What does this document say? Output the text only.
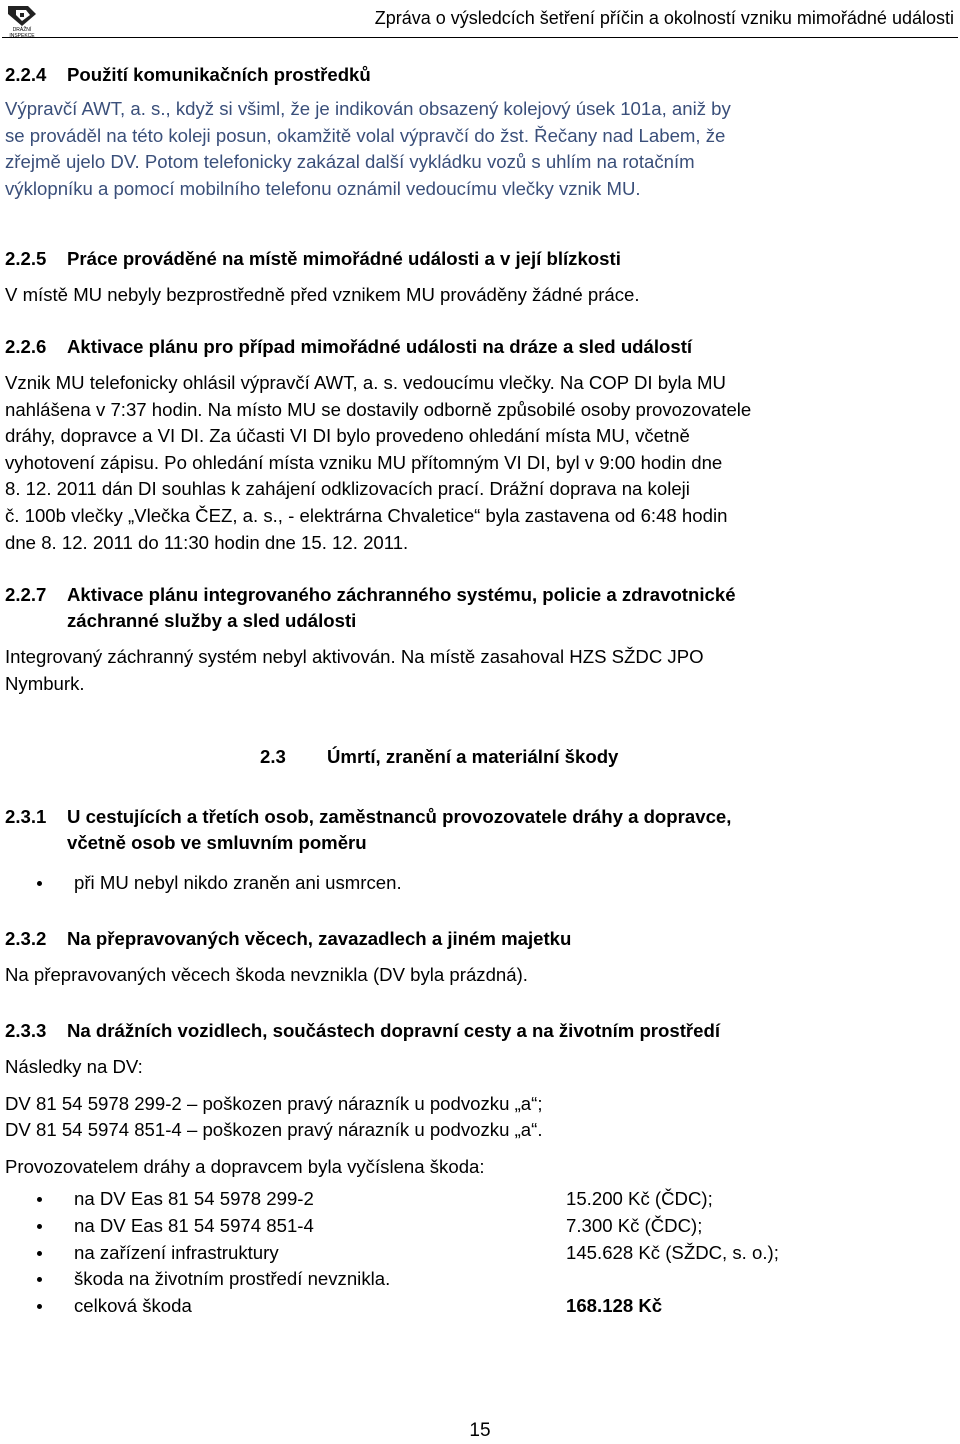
DRÁŽNÍ
INSPEKCE
Zpráva o výsledcích šetření příčin a okolností vzniku mimořádné události
2.2.4 Použití komunikačních prostředků
Výpravčí AWT, a. s., když si všiml, že je indikován obsazený kolejový úsek 101a, aniž by
se prováděl na této koleji posun, okamžitě volal výpravčí do žst. Řečany nad Labem, že
zřejmě ujelo DV. Potom telefonicky zakázal další vykládku vozů s uhlím na rotačním
výklopníku a pomocí mobilního telefonu oznámil vedoucímu vlečky vznik MU.
2.2.5 Práce prováděné na místě mimořádné události a v její blízkosti
V místě MU nebyly bezprostředně před vznikem MU prováděny žádné práce.
2.2.6 Aktivace plánu pro případ mimořádné události na dráze a sled událostí
Vznik MU telefonicky ohlásil výpravčí AWT, a. s. vedoucímu vlečky. Na COP DI byla MU
nahlášena v 7:37 hodin. Na místo MU se dostavily odborně způsobilé osoby provozovatele
dráhy, dopravce a VI DI. Za účasti VI DI bylo provedeno ohledání místa MU, včetně
vyhotovení zápisu. Po ohledání místa vzniku MU přítomným VI DI, byl v 9:00 hodin dne
8. 12. 2011 dán DI souhlas k zahájení odklizovacích prací. Drážní doprava na koleji
č. 100b vlečky „Vlečka ČEZ, a. s., - elektrárna Chvaletice“ byla zastavena od 6:48 hodin
dne 8. 12. 2011 do 11:30 hodin dne 15. 12. 2011.
2.2.7	Aktivace plánu integrovaného záchranného systému, policie a zdravotnické
záchranné služby a sled události
Integrovaný záchranný systém nebyl aktivován. Na místě zasahoval HZS SŽDC JPO
Nymburk.
2.3 Úmrtí, zranění a materiální škody
2.3.1	U cestujících a třetích osob, zaměstnanců provozovatele dráhy a dopravce,
včetně osob ve smluvním poměru
při MU nebyl nikdo zraněn ani usmrcen.
2.3.2 Na přepravovaných věcech, zavazadlech a jiném majetku
Na přepravovaných věcech škoda nevznikla (DV byla prázdná).
2.3.3 Na drážních vozidlech, součástech dopravní cesty a na životním prostředí
Následky na DV:
DV 81 54 5978 299-2 – poškozen pravý nárazník u podvozku „a“;
DV 81 54 5974 851-4 – poškozen pravý nárazník u podvozku „a“.
Provozovatelem dráhy a dopravcem byla vyčíslena škoda:
na DV Eas 81 54 5978 299-2	15.200 Kč (ČDC);
na DV Eas 81 54 5974 851-4	7.300 Kč (ČDC);
na zařízení infrastruktury	145.628 Kč (SŽDC, s. o.);
škoda na životním prostředí nevznikla.
celková škoda	168.128 Kč
15
